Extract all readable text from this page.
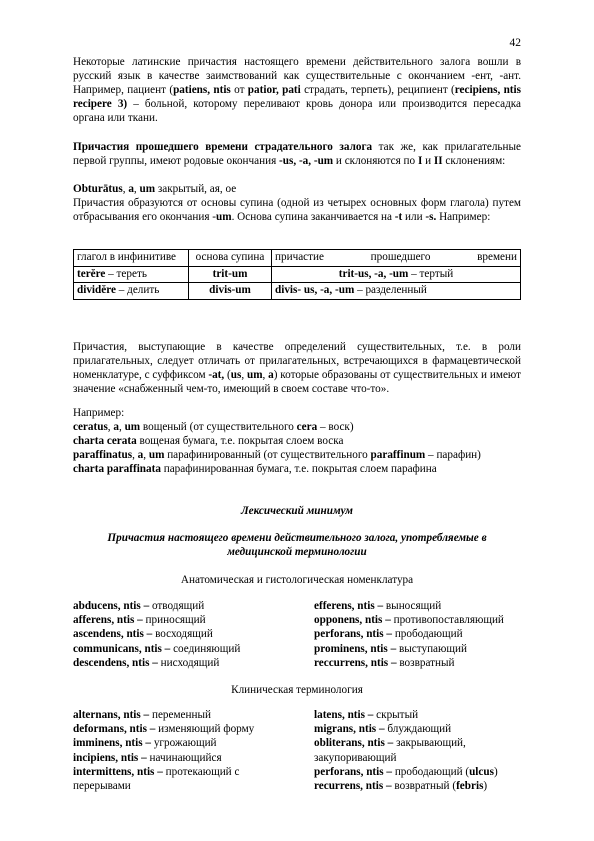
42

Некоторые латинские причастия настоящего времени действительного залога вошли в русский язык в качестве заимствований как существительные с окончанием -ент, -ант. Например, пациент (patiens, ntis от patior, pati страдать, терпеть), реципиент (recipiens, ntis recipere 3) – больной, которому переливают кровь донора или производится пересадка органа или ткани.

Причастия прошедшего времени страдательного залога так же, как прилагательные первой группы, имеют родовые окончания -us, -a, -um и склоняются по I и II склонениям:

Obturātus, a, um закрытый, ая, ое

Причастия образуются от основы супина (одной из четырех основных форм глагола) путем отбрасывания его окончания -um. Основа супина заканчивается на -t или -s. Например:

глагол в инфинитиве	основа супина	причастие прошедшего времени
terĕre – тереть	trit-um	trit-us, -a, -um – тертый
dividĕre – делить	divis-um	divis- us, -a, -um – разделенный

Причастия, выступающие в качестве определений существительных, т.е. в роли прилагательных, следует отличать от прилагательных, встречающихся в фармацевтической номенклатуре, с суффиксом -at, (us, um, a) которые образованы от существительных и имеют значение «снабженный чем-то, имеющий в своем составе что-то».

Например:

ceratus, a, um вощеный (от существительного cera – воск)

charta cerata вощеная бумага, т.е. покрытая слоем воска

paraffinatus, a, um парафинированный (от существительного paraffinum – парафин)

charta paraffinata парафинированная бумага, т.е. покрытая слоем парафина

Лексический минимум

Причастия настоящего времени действительного залога, употребляемые в медицинской терминологии

Анатомическая и гистологическая номенклатура

abducens, ntis – отводящий

afferens, ntis – приносящий

ascendens, ntis – восходящий

communicans, ntis – соединяющий

descendens, ntis – нисходящий

efferens, ntis – выносящий

opponens, ntis – противопоставляющий

perforans, ntis – прободающий

prominens, ntis – выступающий

reccurrens, ntis – возвратный

Клиническая терминология

alternans, ntis – переменный

deformans, ntis – изменяющий форму

imminens, ntis – угрожающий

incipiens, ntis – начинающийся

intermittens, ntis – протекающий с перерывами

latens, ntis – скрытый

migrans, ntis – блуждающий

obliterans, ntis – закрывающий, закупоривающий

perforans, ntis – прободающий (ulcus)

recurrens, ntis – возвратный (febris)
